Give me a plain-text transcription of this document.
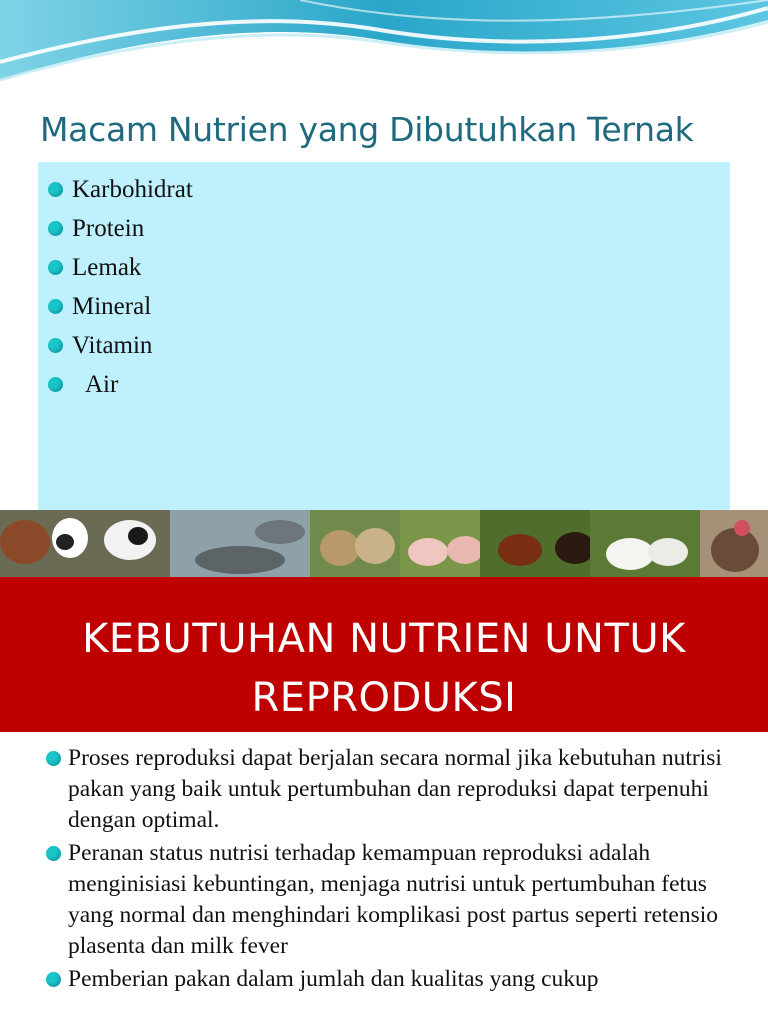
Macam Nutrien yang Dibutuhkan Ternak
Karbohidrat
Protein
Lemak
Mineral
Vitamin
Air
KEBUTUHAN NUTRIEN UNTUK
REPRODUKSI
Proses reproduksi dapat berjalan secara normal jika kebutuhan nutrisi pakan yang baik untuk pertumbuhan dan reproduksi dapat terpenuhi dengan optimal.
Peranan status nutrisi terhadap kemampuan reproduksi adalah menginisiasi kebuntingan, menjaga nutrisi untuk pertumbuhan fetus yang normal dan menghindari komplikasi post partus seperti retensio plasenta dan milk fever
Pemberian pakan dalam jumlah dan kualitas yang cukup
